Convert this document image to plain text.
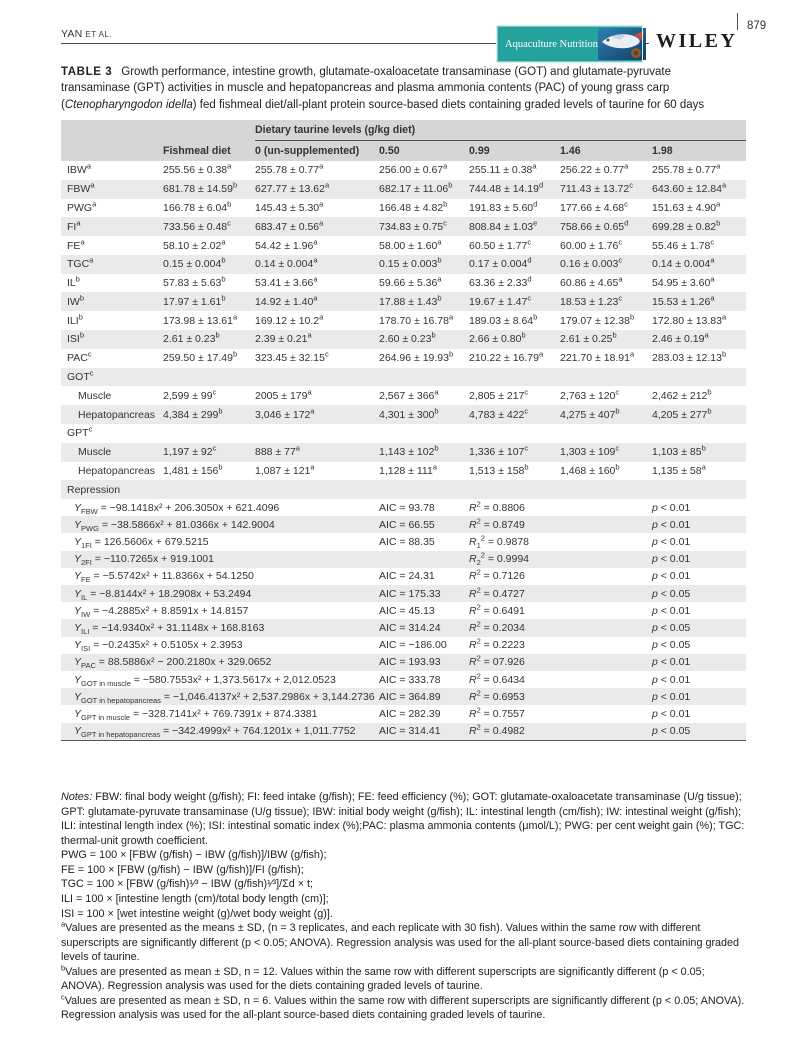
YAN ET AL.
Aquaculture Nutrition	WILEY
879
TABLE 3 Growth performance, intestine growth, glutamate-oxaloacetate transaminase (GOT) and glutamate-pyruvate transaminase (GPT) activities in muscle and hepatopancreas and plasma ammonia contents (PAC) of young grass carp (Ctenopharyngodon idella) fed fishmeal diet/all-plant protein source-based diets containing graded levels of taurine for 60 days
		Dietary taurine levels (g/kg diet)				
	Fishmeal diet	0 (un-supplemented)	0.50	0.99	1.46	1.98
IBW$^a$	255.56 ± 0.38$^a$	255.78 ± 0.77$^a$	256.00 ± 0.67$^a$	255.11 ± 0.38$^a$	256.22 ± 0.77$^a$	255.78 ± 0.77$^a$
FBW$^a$	681.78 ± 14.59$^b$	627.77 ± 13.62$^a$	682.17 ± 11.06$^b$	744.48 ± 14.19$^d$	711.43 ± 13.72$^c$	643.60 ± 12.84$^a$
PWG$^a$	166.78 ± 6.04$^b$	145.43 ± 5.30$^a$	166.48 ± 4.82$^b$	191.83 ± 5.60$^d$	177.66 ± 4.68$^c$	151.63 ± 4.90$^a$
$FI^a$	733.56 ± 0.48$^c$	683.47 ± 0.56$^a$	734.83 ± 0.75$^c$	808.84 ± 1.03$^e$	758.66 ± 0.65$^d$	699.28 ± 0.82$^b$
$FE^a$	58.10 ± 2.02$^a$	54.42 ± 1.96$^a$	58.00 ± 1.60$^a$	60.50 ± 1.77$^c$	60.00 ± 1.76$^c$	55.46 ± 1.78$^c$
TGC$^a$	0.15 ± 0.004$^b$	0.14 ± 0.004$^a$	0.15 ± 0.003$^b$	0.17 ± 0.004$^d$	0.16 ± 0.003$^c$	0.14 ± 0.004$^a$
$IL^b$	57.83 ± 5.63$^b$	53.41 ± 3.66$^a$	59.66 ± 5.36$^a$	63.36 ± 2.33$^d$	60.86 ± 4.65$^a$	54.95 ± 3.60$^a$
$IW^b$	17.97 ± 1.61$^b$	14.92 ± 1.40$^a$	17.88 ± 1.43$^b$	19.67 ± 1.47$^c$	18.53 ± 1.23$^c$	15.53 ± 1.26$^a$
ILI$^b$	173.98 ± 13.61$^a$	169.12 ± 10.2$^a$	178.70 ± 16.78$^a$	189.03 ± 8.64$^b$	179.07 ± 12.38$^b$	172.80 ± 13.83$^a$
ISI$^b$	2.61 ± 0.23$^b$	2.39 ± 0.21$^a$	2.60 ± 0.23$^b$	2.66 ± 0.80$^b$	2.61 ± 0.25$^b$	2.46 ± 0.19$^a$
PAC$^c$	259.50 ± 17.49$^b$	323.45 ± 32.15$^c$	264.96 ± 19.93$^b$	210.22 ± 16.79$^a$	221.70 ± 18.91$^a$	283.03 ± 12.13$^b$
GOT$^c$
Muscle	$2,599 \pm 99^c$	$2005 \pm 179^a$	$2,567 \pm 366^a$	$2,805 \pm 217^c$	$2,763 \pm 120^c$	$2,462 \pm 212^b$
Hepatopancreas	$4,384 \pm 299^b$	$3,046 \pm 172^a$	$4,301 \pm 300^b$	$4,783 \pm 422^c$	$4,275 \pm 407^b$	$4,205 \pm 277^b$
GPT$^c$
Muscle	$1,197 \pm 92^c$	$888 \pm 77^a$	$1,143 \pm 102^b$	$1,336 \pm 107^c$	$1,303 \pm 109^c$	$1,103 \pm 85^b$
Hepatopancreas	$1,481 \pm 156^b$	$1,087 \pm 121^a$	$1,128 \pm 111^a$	$1,513 \pm 158^b$	$1,468 \pm 160^b$	$1,135 \pm 58^a$
Repression						
$Y_{FBW} = -98.1418x^2 + 206.3050x + 621.4096$			AIC = 93.78	$R^2 = 0.8806$		p < 0.01
$Y_{PWG} = -38.5866x^2 + 81.0366x + 142.9004$			AIC = 66.55	$R^2 = 0.8749$		p < 0.01
$Y_{1FI} = 126.5606x + 679.5215$			AIC = 88.35	$R_1^2 = 0.9878$		p < 0.01
$Y_{2FI} = -110.7265x + 919.1001$				$R_2^2 = 0.9994$		p < 0.01
$Y_{FE} = -5.5742x^2 + 11.8366x + 54.1250$			AIC = 24.31	$R^2 = 0.7126$		p < 0.01
$Y_{IL} = -8.8144x^2 + 18.2908x + 53.2494$			AIC = 175.33	$R^2 = 0.4727$		p < 0.05
$Y_{IW} = -4.2885x^2 + 8.8591x + 14.8157$			AIC = 45.13	$R^2 = 0.6491$		p < 0.01
$Y_{ILI} = -14.9340x^2 + 31.1148x + 168.8163$			AIC = 314.24	$R^2 = 0.2034$		p < 0.05
$Y_{ISI} = -0.2435x^2 + 0.5105x + 2.3953$			AIC = −186.00	$R^2 = 0.2223$		p < 0.05
$Y_{PAC} = 88.5886x^2 - 200.2180x + 329.0652$			AIC = 193.93	$R^2 = 07.926$		p < 0.01
$Y_{GOT in muscle} = -580.7553x^2 + 1,373.5617x + 2,012.0523$			AIC = 333.78	$R^2 = 0.6434$		p < 0.01
$Y_{GOT in hepatopancreas} = -1,046.4137x^2 + 2,537.2986x + 3,144.2736$			AIC = 364.89	$R^2 = 0.6953$		p < 0.01
$Y_{GPT in muscle} = -328.7141x^2 + 769.7391x + 874.3381$			AIC = 282.39	$R^2 = 0.7557$		p < 0.01
$Y_{GPT in hepatopancreas} = -342.4999x^2 + 764.1201x + 1,011.7752$			AIC = 314.41	$R^2 = 0.4982$		p < 0.05
Notes: FBW: final body weight (g/fish); FI: feed intake (g/fish); FE: feed efficiency (%); GOT: glutamate-oxaloacetate transaminase (U/g tissue); GPT: glutamate-pyruvate transaminase (U/g tissue); IBW: initial body weight (g/fish); IL: intestinal length (cm/fish); IW: intestinal weight (g/fish); ILI: intestinal length index (%); ISI: intestinal somatic index (%);PAC: plasma ammonia contents (μmol/L); PWG: per cent weight gain (%); TGC: thermal-unit growth coefficient.
PWG = 100 × [FBW (g/fish) − IBW (g/fish)]/IBW (g/fish);
FE = 100 × [FBW (g/fish) − IBW (g/fish)]/FI (g/fish);
TGC = 100 × [FBW (g/fish)¹⁄³ − IBW (g/fish)¹⁄³]/Σd × t;
ILI = 100 × [intestine length (cm)/total body length (cm)];
ISI = 100 × [wet intestine weight (g)/wet body weight (g)].
$^a$Values are presented as the means ± SD, (n = 3 replicates, and each replicate with 30 fish). Values within the same row with different superscripts are significantly different (p < 0.05; ANOVA). Regression analysis was used for the all-plant source-based diets containing graded levels of taurine.
$^b$Values are presented as mean ± SD, n = 12. Values within the same row with different superscripts are significantly different (p < 0.05; ANOVA). Regression analysis was used for the diets containing graded levels of taurine.
$^c$Values are presented as mean ± SD, n = 6. Values within the same row with different superscripts are significantly different (p < 0.05; ANOVA). Regression analysis was used for the all-plant source-based diets containing graded levels of taurine.
